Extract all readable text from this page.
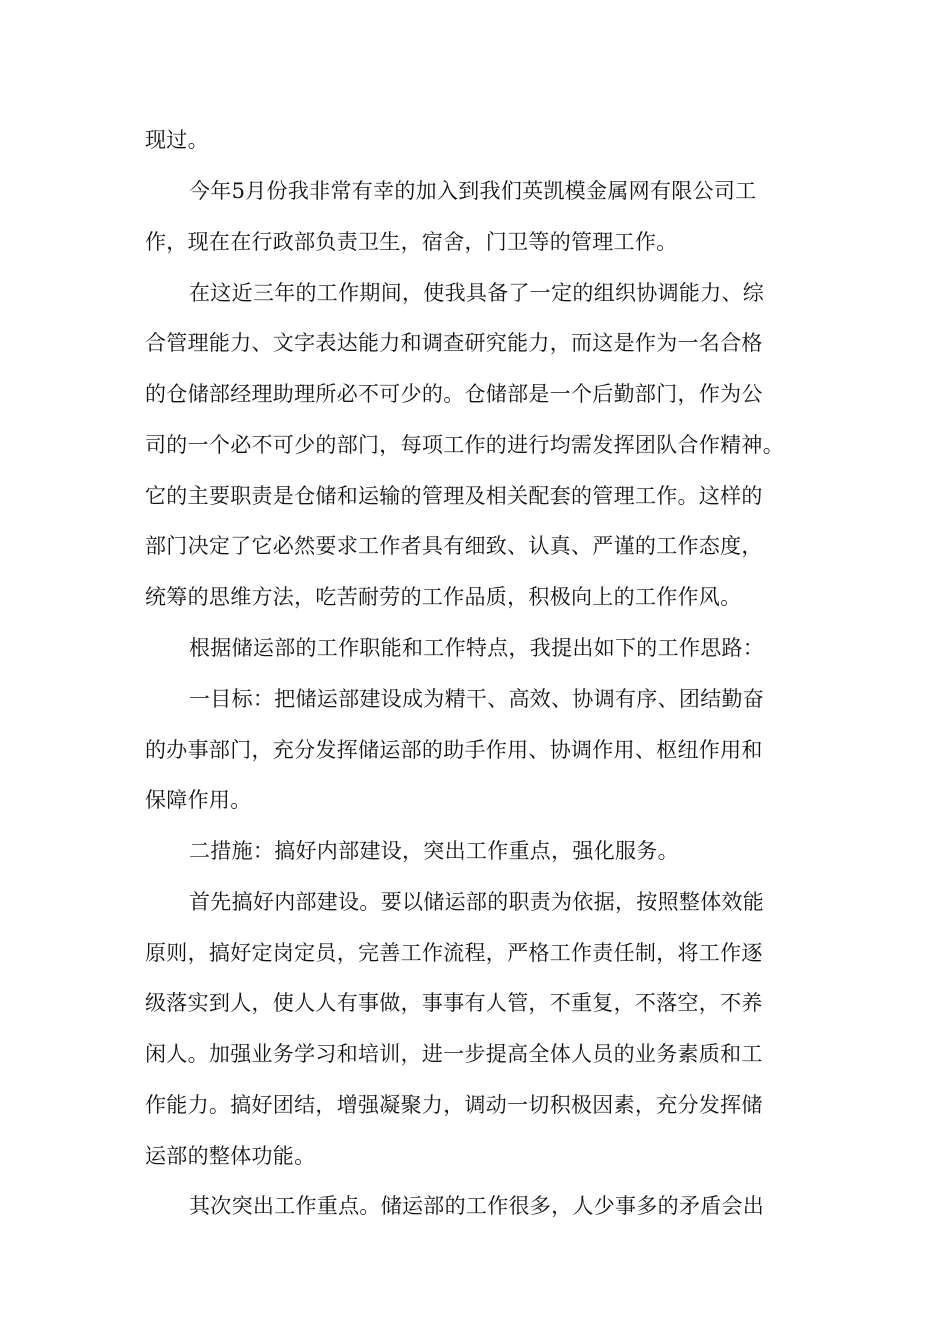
现过。
今年5月份我非常有幸的加入到我们英凯模金属网有限公司工
作，现在在行政部负责卫生，宿舍，门卫等的管理工作。
在这近三年的工作期间，使我具备了一定的组织协调能力、综
合管理能力、文字表达能力和调查研究能力，而这是作为一名合格
的仓储部经理助理所必不可少的。仓储部是一个后勤部门，作为公
司的一个必不可少的部门，每项工作的进行均需发挥团队合作精神。
它的主要职责是仓储和运输的管理及相关配套的管理工作。这样的
部门决定了它必然要求工作者具有细致、认真、严谨的工作态度，
统筹的思维方法，吃苦耐劳的工作品质，积极向上的工作作风。
根据储运部的工作职能和工作特点，我提出如下的工作思路：
一目标：把储运部建设成为精干、高效、协调有序、团结勤奋
的办事部门，充分发挥储运部的助手作用、协调作用、枢纽作用和
保障作用。
二措施：搞好内部建设，突出工作重点，强化服务。
首先搞好内部建设。要以储运部的职责为依据，按照整体效能
原则，搞好定岗定员，完善工作流程，严格工作责任制，将工作逐
级落实到人，使人人有事做，事事有人管，不重复，不落空，不养
闲人。加强业务学习和培训，进一步提高全体人员的业务素质和工
作能力。搞好团结，增强凝聚力，调动一切积极因素，充分发挥储
运部的整体功能。
其次突出工作重点。储运部的工作很多，人少事多的矛盾会出
